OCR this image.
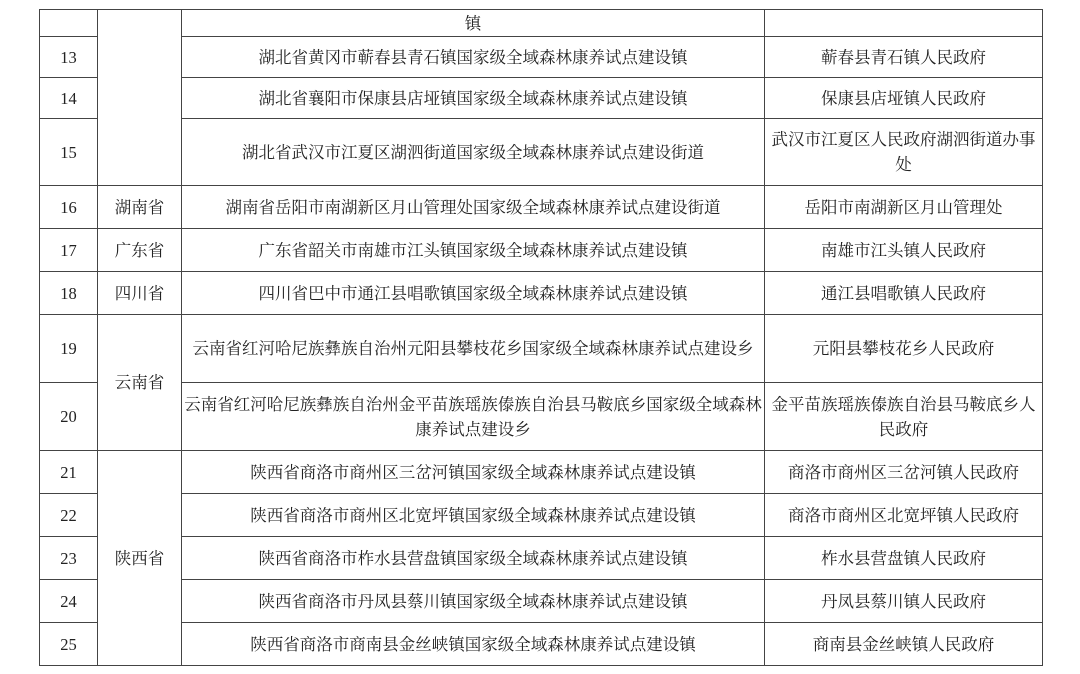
		镇	
13		湖北省黄冈市蕲春县青石镇国家级全域森林康养试点建设镇	蕲春县青石镇人民政府
14		湖北省襄阳市保康县店垭镇国家级全域森林康养试点建设镇	保康县店垭镇人民政府
15		湖北省武汉市江夏区湖泗街道国家级全域森林康养试点建设街道	武汉市江夏区人民政府湖泗街道办事处
16	湖南省	湖南省岳阳市南湖新区月山管理处国家级全域森林康养试点建设街道	岳阳市南湖新区月山管理处
17	广东省	广东省韶关市南雄市江头镇国家级全域森林康养试点建设镇	南雄市江头镇人民政府
18	四川省	四川省巴中市通江县唱歌镇国家级全域森林康养试点建设镇	通江县唱歌镇人民政府
19	云南省	云南省红河哈尼族彝族自治州元阳县攀枝花乡国家级全域森林康养试点建设乡	元阳县攀枝花乡人民政府
20		云南省红河哈尼族彝族自治州金平苗族瑶族傣族自治县马鞍底乡国家级全域森林康养试点建设乡	金平苗族瑶族傣族自治县马鞍底乡人民政府
21	陕西省	陕西省商洛市商州区三岔河镇国家级全域森林康养试点建设镇	商洛市商州区三岔河镇人民政府
22		陕西省商洛市商州区北宽坪镇国家级全域森林康养试点建设镇	商洛市商州区北宽坪镇人民政府
23		陕西省商洛市柞水县营盘镇国家级全域森林康养试点建设镇	柞水县营盘镇人民政府
24		陕西省商洛市丹凤县蔡川镇国家级全域森林康养试点建设镇	丹凤县蔡川镇人民政府
25		陕西省商洛市商南县金丝峡镇国家级全域森林康养试点建设镇	商南县金丝峡镇人民政府
